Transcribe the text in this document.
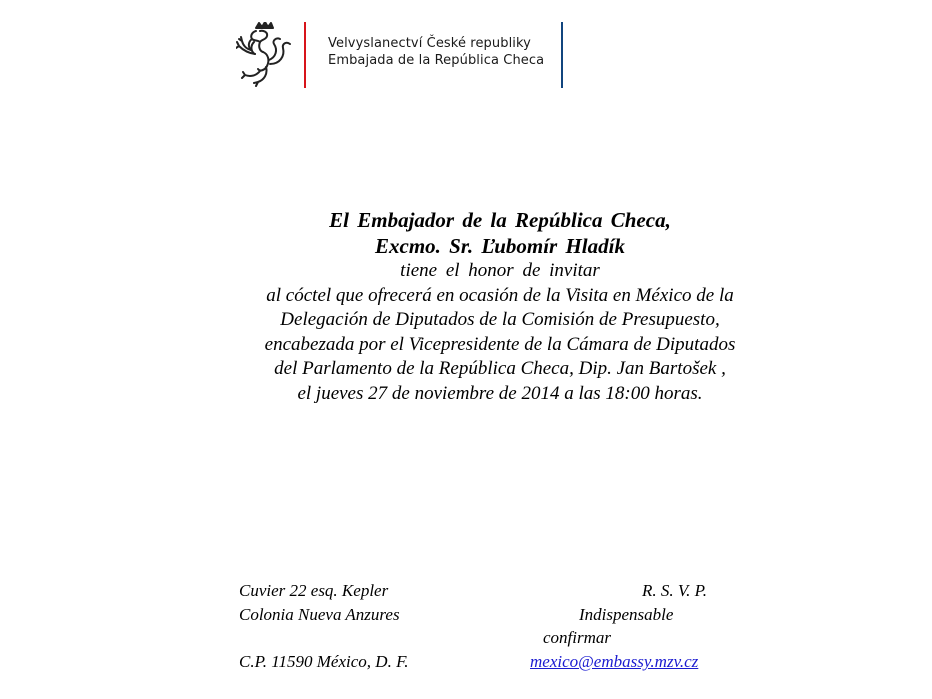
Velvyslanectví České republiky
Embajada de la República Checa
El Embajador de la República Checa,
Excmo. Sr. Ľubomír Hladík
tiene el honor de invitar
al cóctel que ofrecerá en ocasión de la Visita en México de la
Delegación de Diputados de la Comisión de Presupuesto,
encabezada por el Vicepresidente de la Cámara de Diputados
del Parlamento de la República Checa, Dip. Jan Bartošek ,
el jueves 27 de noviembre de 2014 a las 18:00 horas.
Cuvier 22 esq. Kepler
Colonia Nueva Anzures
C.P. 11590 México, D. F.
R. S. V. P.
Indispensable
confirmar
mexico@embassy.mzv.cz
